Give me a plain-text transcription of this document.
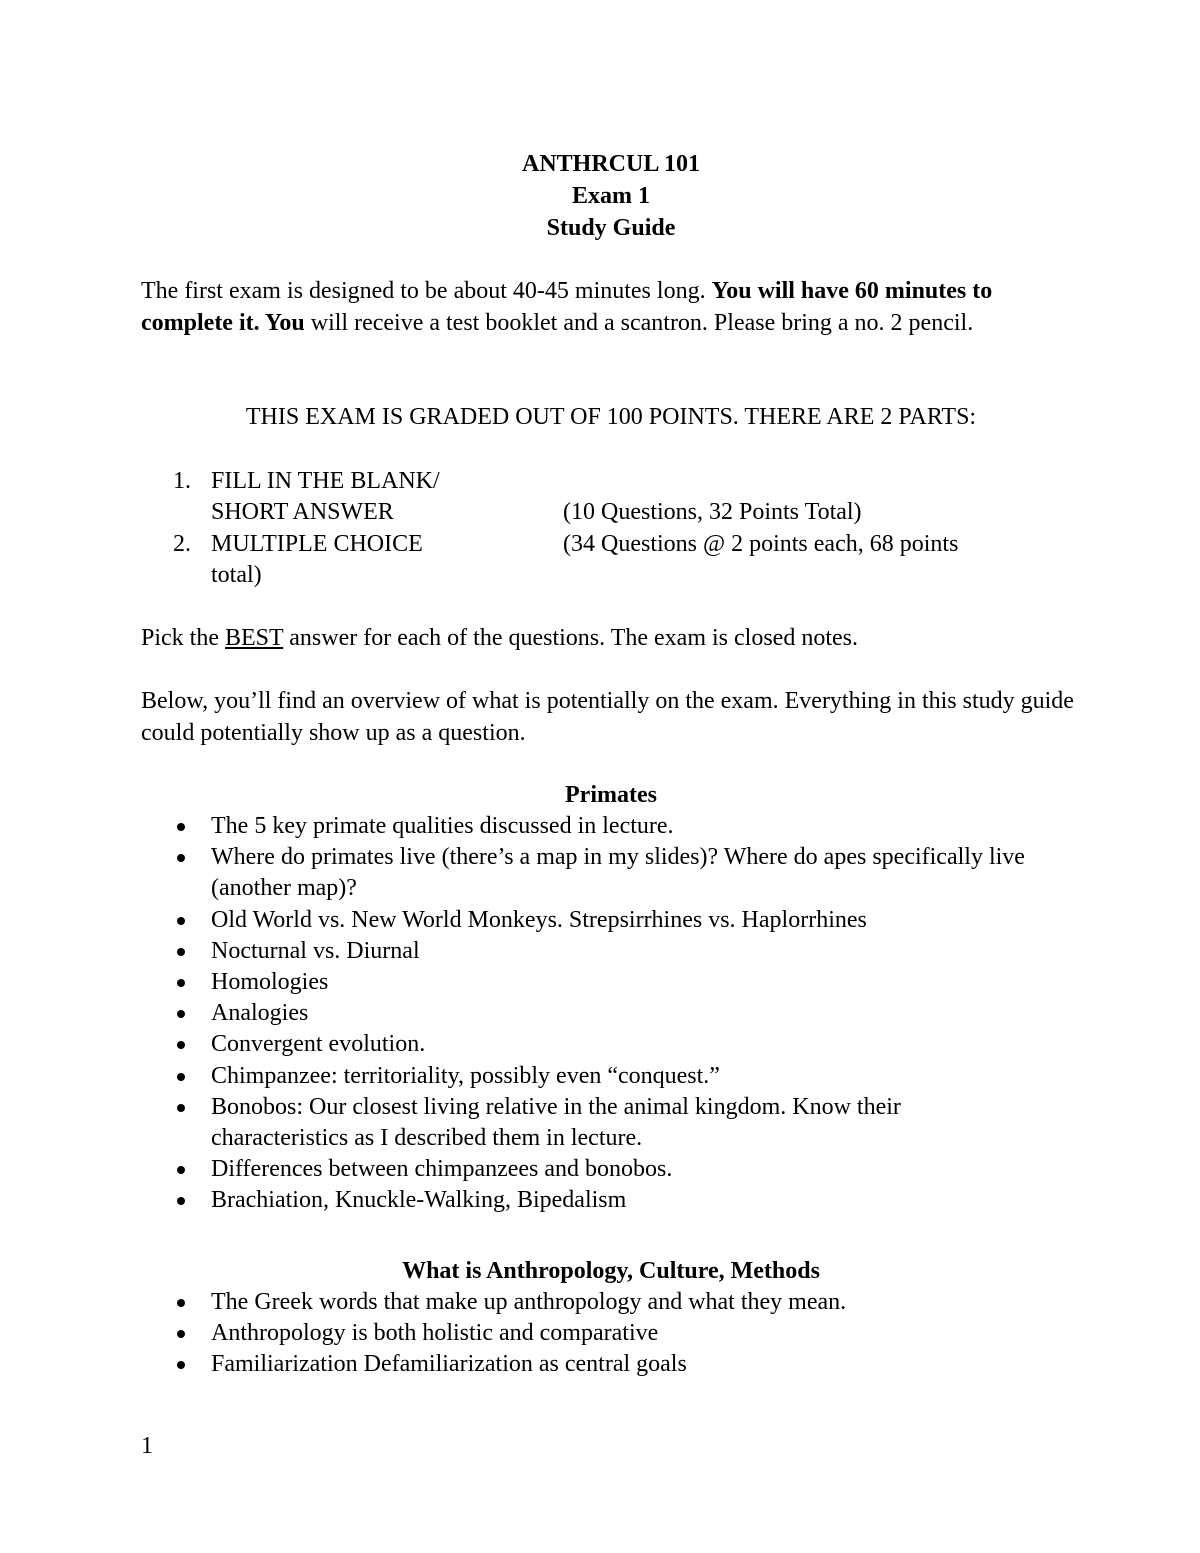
ANTHRCUL 101
Exam 1
Study Guide
The first exam is designed to be about 40-45 minutes long. You will have 60 minutes to complete it. You will receive a test booklet and a scantron. Please bring a no. 2 pencil.
THIS EXAM IS GRADED OUT OF 100 POINTS. THERE ARE 2 PARTS:
1. FILL IN THE BLANK/
SHORT ANSWER	(10 Questions, 32 Points Total)
2. MULTIPLE CHOICE	(34 Questions @ 2 points each, 68 points
total)
Pick the BEST answer for each of the questions. The exam is closed notes.
Below, you’ll find an overview of what is potentially on the exam. Everything in this study guide could potentially show up as a question.
Primates
The 5 key primate qualities discussed in lecture.
Where do primates live (there’s a map in my slides)? Where do apes specifically live (another map)?
Old World vs. New World Monkeys. Strepsirrhines vs. Haplorrhines
Nocturnal vs. Diurnal
Homologies
Analogies
Convergent evolution.
Chimpanzee: territoriality, possibly even “conquest.”
Bonobos: Our closest living relative in the animal kingdom. Know their characteristics as I described them in lecture.
Differences between chimpanzees and bonobos.
Brachiation, Knuckle-Walking, Bipedalism
What is Anthropology, Culture, Methods
The Greek words that make up anthropology and what they mean.
Anthropology is both holistic and comparative
Familiarization Defamiliarization as central goals
1
